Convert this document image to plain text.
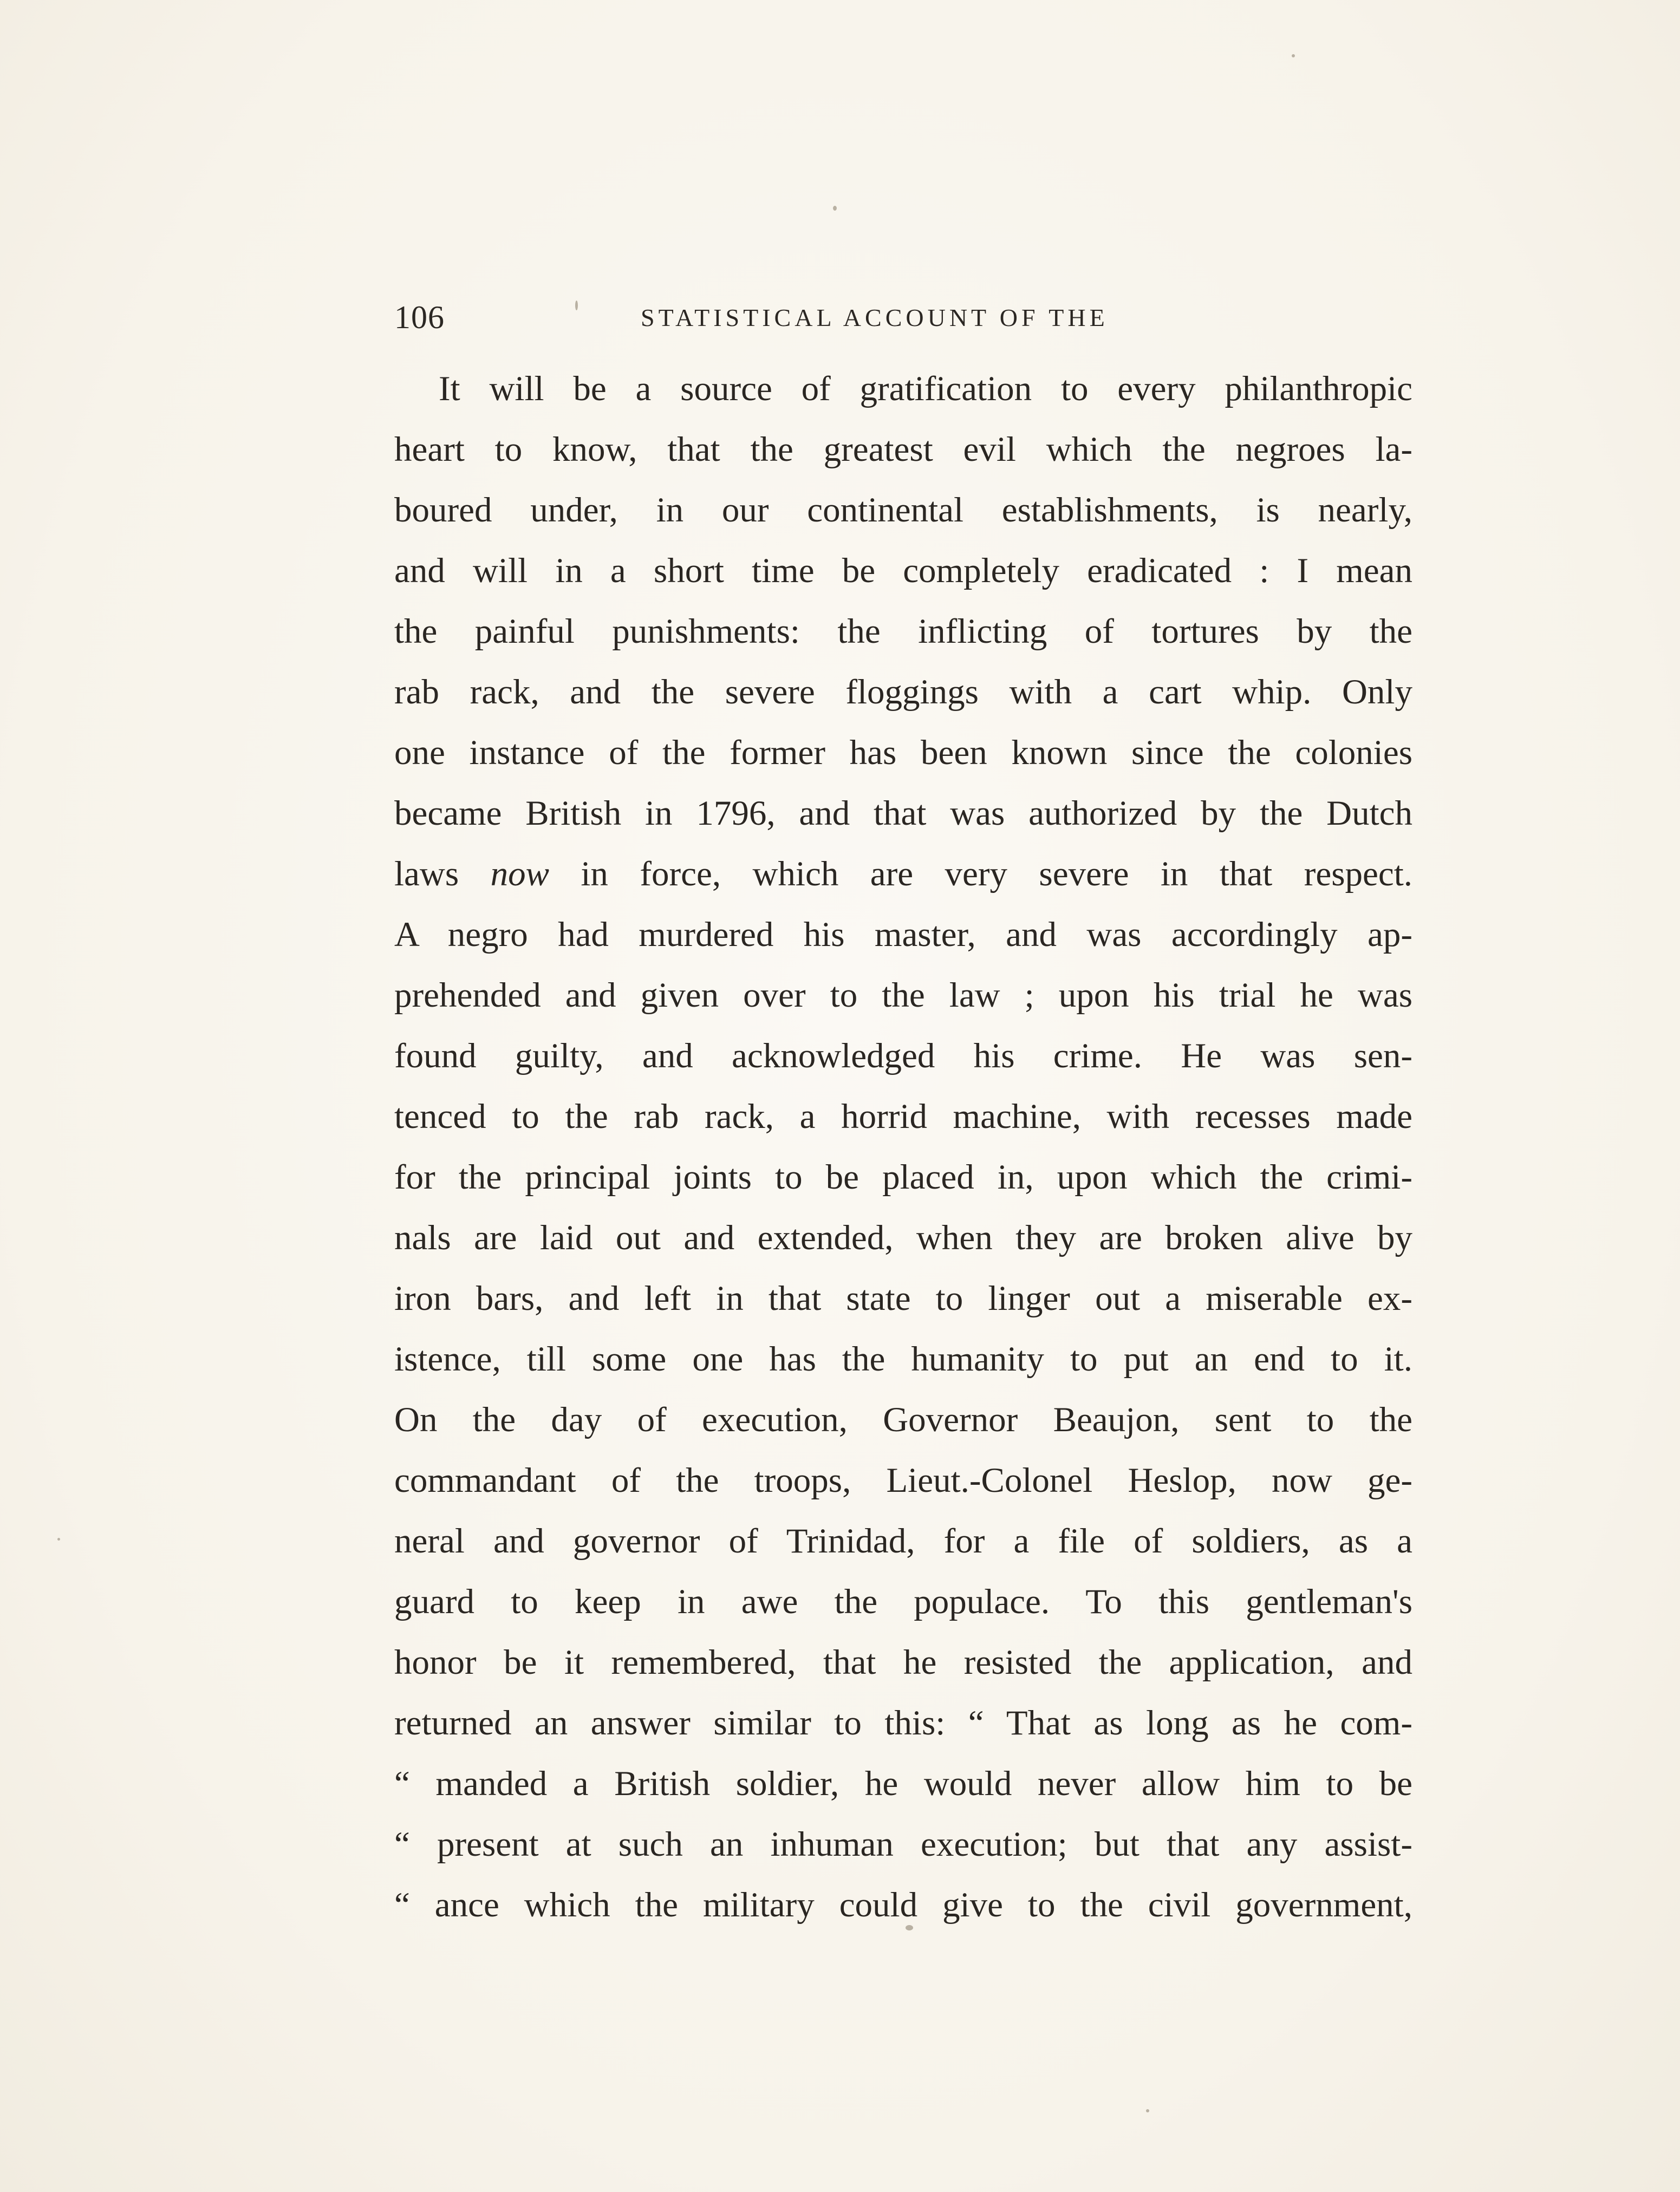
106	STATISTICAL ACCOUNT OF THE
It will be a source of gratification to every philanthropic
heart to know, that the greatest evil which the negroes la-
boured under, in our continental establishments, is nearly,
and will in a short time be completely eradicated : I mean
the painful punishments: the inflicting of tortures by the
rab rack, and the severe floggings with a cart whip. Only
one instance of the former has been known since the colonies
became British in 1796, and that was authorized by the Dutch
laws now in force, which are very severe in that respect.
A negro had murdered his master, and was accordingly ap-
prehended and given over to the law ; upon his trial he was
found guilty, and acknowledged his crime. He was sen-
tenced to the rab rack, a horrid machine, with recesses made
for the principal joints to be placed in, upon which the crimi-
nals are laid out and extended, when they are broken alive by
iron bars, and left in that state to linger out a miserable ex-
istence, till some one has the humanity to put an end to it.
On the day of execution, Governor Beaujon, sent to the
commandant of the troops, Lieut.-Colonel Heslop, now ge-
neral and governor of Trinidad, for a file of soldiers, as a
guard to keep in awe the populace. To this gentleman's
honor be it remembered, that he resisted the application, and
returned an answer similar to this: “ That as long as he com-
“ manded a British soldier, he would never allow him to be
“ present at such an inhuman execution; but that any assist-
“ ance which the military could give to the civil government,
